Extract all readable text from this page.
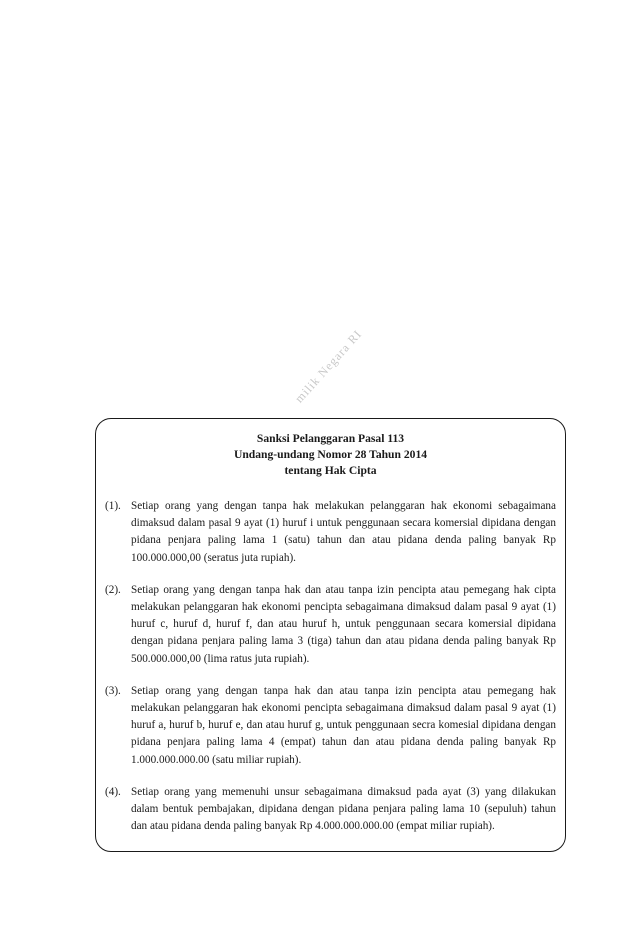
milik Negara RI
Sanksi Pelanggaran Pasal 113
Undang-undang Nomor 28 Tahun 2014
tentang Hak Cipta
(1). Setiap orang yang dengan tanpa hak melakukan pelanggaran hak ekonomi sebagaimana dimaksud dalam pasal 9 ayat (1) huruf i untuk penggunaan secara komersial dipidana dengan pidana penjara paling lama 1 (satu) tahun dan atau pidana denda paling banyak Rp 100.000.000,00 (seratus juta rupiah).
(2). Setiap orang yang dengan tanpa hak dan atau tanpa izin pencipta atau pemegang hak cipta melakukan pelanggaran hak ekonomi pencipta sebagaimana dimaksud dalam pasal 9 ayat (1) huruf c, huruf d, huruf f, dan atau huruf h, untuk penggunaan secara komersial dipidana dengan pidana penjara paling lama 3 (tiga) tahun dan atau pidana denda paling banyak Rp 500.000.000,00 (lima ratus juta rupiah).
(3). Setiap orang yang dengan tanpa hak dan atau tanpa izin pencipta atau pemegang hak melakukan pelanggaran hak ekonomi pencipta sebagaimana dimaksud dalam pasal 9 ayat (1) huruf a, huruf b, huruf e, dan atau huruf g, untuk penggunaan secra komesial dipidana dengan pidana penjara paling lama 4 (empat) tahun dan atau pidana denda paling banyak Rp 1.000.000.000.00 (satu miliar rupiah).
(4). Setiap orang yang memenuhi unsur sebagaimana dimaksud pada ayat (3) yang dilakukan dalam bentuk pembajakan, dipidana dengan pidana penjara paling lama 10 (sepuluh) tahun dan atau pidana denda paling banyak Rp 4.000.000.000.00 (empat miliar rupiah).
